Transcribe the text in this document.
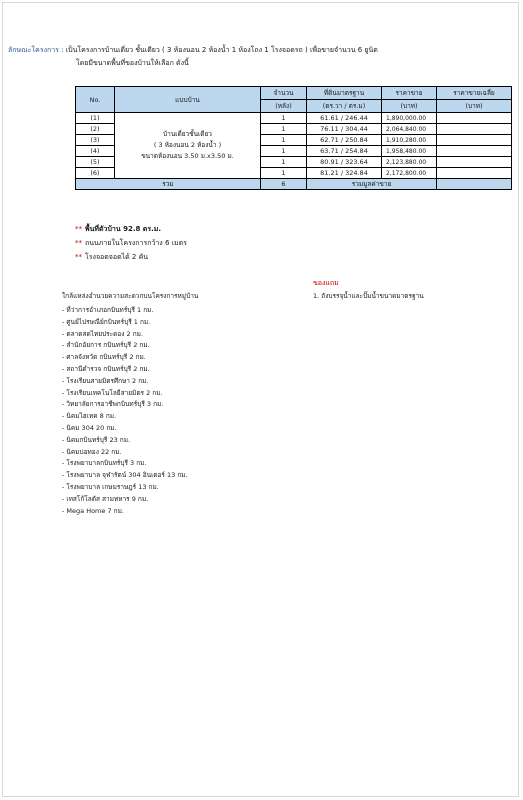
ลักษณะโครงการ : เป็นโครงการบ้านเดี่ยว ชั้นเดียว ( 3 ห้องนอน 2 ห้องน้ำ 1 ห้องโถง 1 โรงจอดรถ ) เพื่อขายจำนวน 6 ยูนิต
โดยมีขนาดพื้นที่ของบ้านให้เลือก ดังนี้
No.	แบบบ้าน	จำนวน	ที่ดินมาตรฐาน	ราคาขาย	ราคาขายเฉลี่ย
		(หลัง)	(ตร.วา / ตร.ม)	(บาท)	(บาท)
(1)	บ้านเดี่ยวชั้นเดียว
( 3 ห้องนอน 2 ห้องน้ำ )
ขนาดห้องนอน 3.50 ม.x3.50 ม.	1	61.61 / 246.44	1,890,000.00	
(2)		1	76.11 / 304.44	2,064,840.00	
(3)		1	62.71 / 250.84	1,910,280.00	
(4)		1	63.71 / 254.84	1,958,480.00	
(5)		1	80.91 / 323.64	2,123,880.00	
(6)		1	81.21 / 324.84	2,172,800.00	
รวม		6	รวมมูลค่าขาย		
** พื้นที่ตัวบ้าน 92.8 ตร.ม.
** ถนนภายในโครงการกว้าง 6 เมตร
** โรงจอดจอดได้ 2 คัน
ของแถม
1. ถังบรรจุน้ำและปั๊มน้ำขนาดมาตรฐาน
ใกล้แหล่งอำนวยความสะดวกบนโครงการหมู่บ้าน
- ที่ว่าการอำเภอกบินทร์บุรี 1 กม.
- ศูนย์ไปรษณีย์กบินทร์บุรี 1 กม.
- ตลาดสดไทยประดอง 2 กม.
- สำนักอัยการ กบินทร์บุรี 2 กม.
- ศาลจังหวัด กบินทร์บุรี 2 กม.
- สถานีตำรวจ กบินทร์บุรี 2 กม.
- โรงเรียนสายมิตรศึกษา 2 กม.
- โรงเรียนเทคโนโลยีสายมิตร 2 กม.
- วิทยาลัยการอาชีพกบินทร์บุรี 3 กม.
- นิคมไฮเทค 8 กม.
- นิคม 304 20 กม.
- นิคมกบินทร์บุรี 23 กม.
- นิคมบ่อทอง 22 กม.
- โรงพยาบาลกบินทร์บุรี 3 กม.
- โรงพยาบาล จุฬารัตน์ 304 อินเตอร์ 13 กม.
- โรงพยาบาล เกษมราษฎร์ 13 กม.
- เทสโก้โลตัส สามทหาร 9 กม.
- Mega Home 7 กม.
